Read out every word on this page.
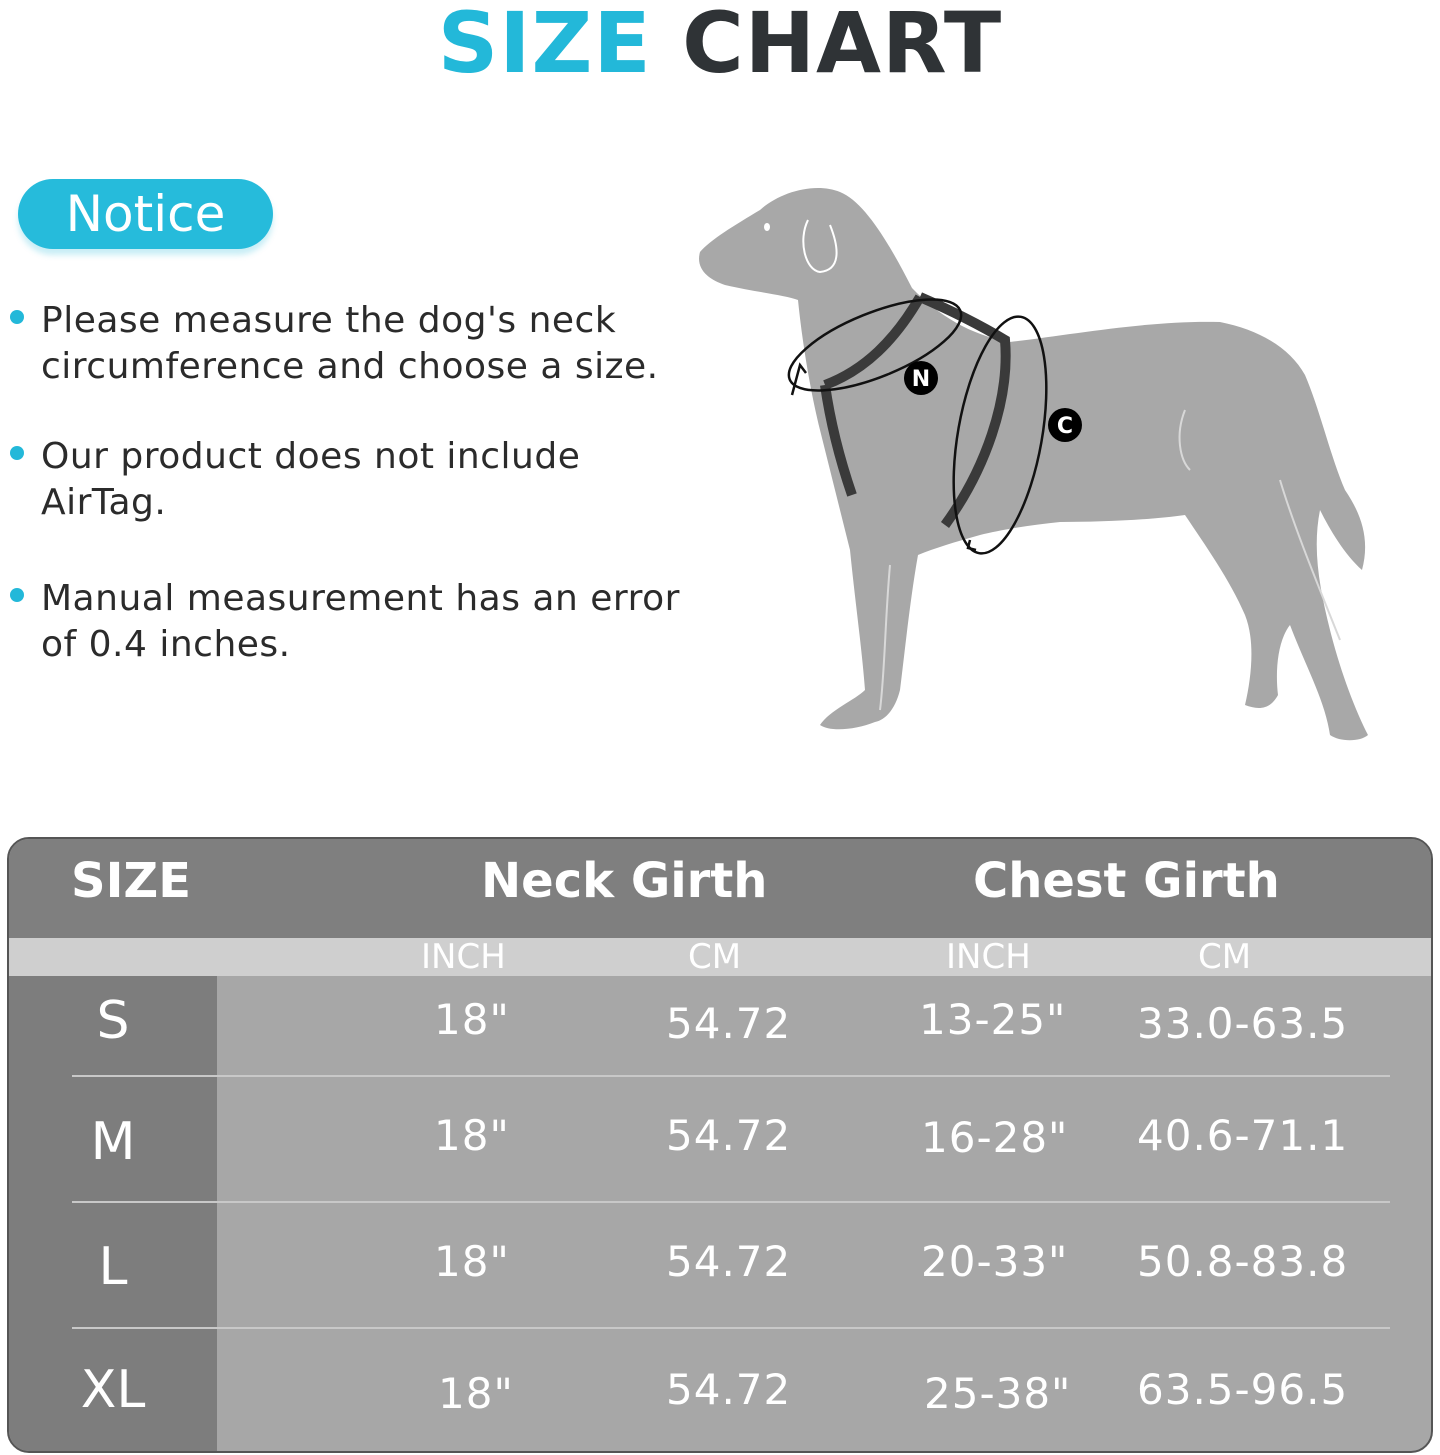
SIZE CHART
Notice
Please measure the dog's neck
circumference and choose a size.
Our product does not include
AirTag.
Manual measurement has an error
of 0.4 inches.
N
C
SIZE	Neck Girth	Chest Girth
INCH	CM	INCH	CM
S	18"	54.72	13-25" 33.0-63.5
M	18"	54.72	16-28" 40.6-71.1
L	18"	54.72	20-33" 50.8-83.8
XL	18"	54.72	25-38" 63.5-96.5
